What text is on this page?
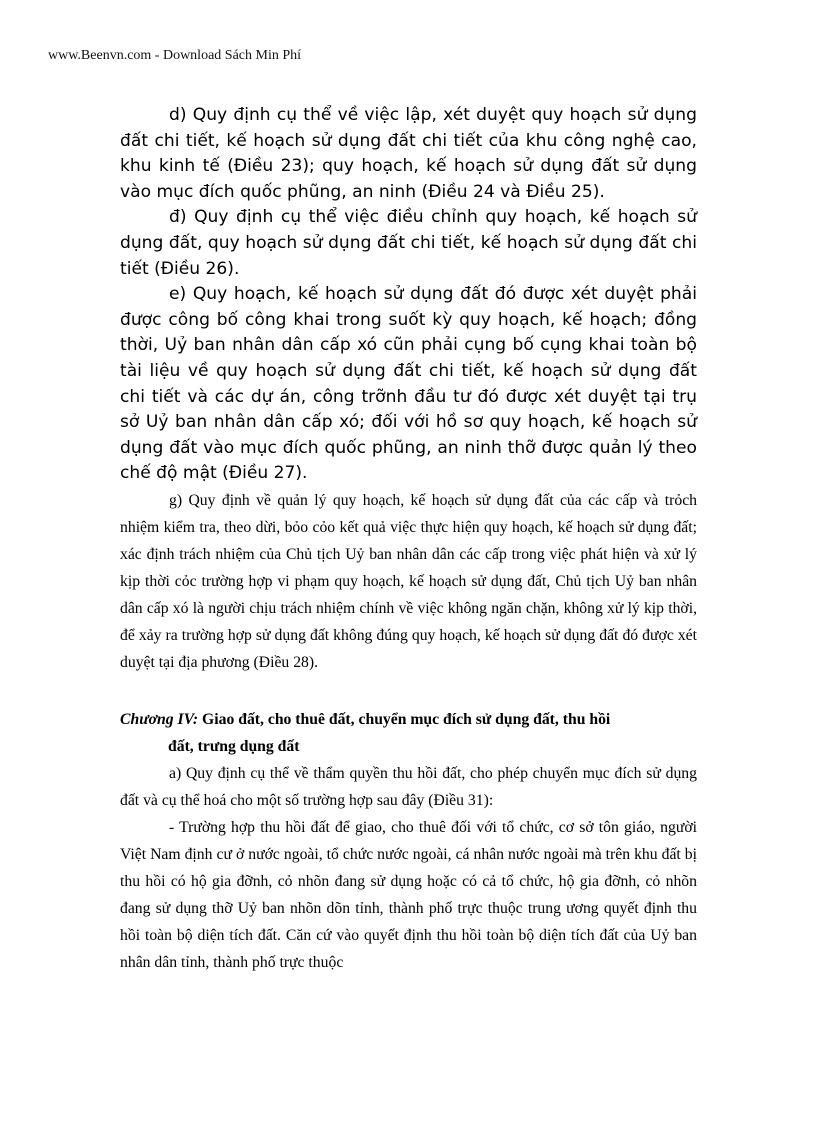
www.Beenvn.com - Download Sách Min Phí

d) Quy định cụ thể về việc lập, xét duyệt quy hoạch sử dụng đất chi tiết, kế hoạch sử dụng đất chi tiết của khu công nghệ cao, khu kinh tế (Điều 23); quy hoạch, kế hoạch sử dụng đất sử dụng vào mục đích quốc phũng, an ninh (Điều 24 và Điều 25).

đ) Quy định cụ thể việc điều chỉnh quy hoạch, kế hoạch sử dụng đất, quy hoạch sử dụng đất chi tiết, kế hoạch sử dụng đất chi tiết (Điều 26).

e) Quy hoạch, kế hoạch sử dụng đất đó được xét duyệt phải được công bố công khai trong suốt kỳ quy hoạch, kế hoạch; đồng thời, Uỷ ban nhân dân cấp xó cũn phải cụng bố cụng khai toàn bộ tài liệu về quy hoạch sử dụng đất chi tiết, kế hoạch sử dụng đất chi tiết và các dự án, công trỡnh đầu tư đó được xét duyệt tại trụ sở Uỷ ban nhân dân cấp xó; đối với hồ sơ quy hoạch, kế hoạch sử dụng đất vào mục đích quốc phũng, an ninh thỡ được quản lý theo chế độ mật (Điều 27).

g) Quy định về quản lý quy hoạch, kế hoạch sử dụng đất của các cấp và trỏch nhiệm kiểm tra, theo dừi, bỏo cỏo kết quả việc thực hiện quy hoạch, kế hoạch sử dụng đất; xác định trách nhiệm của Chủ tịch Uỷ ban nhân dân các cấp trong việc phát hiện và xử lý kịp thời cỏc trường hợp vi phạm quy hoạch, kế hoạch sử dụng đất, Chủ tịch Uỷ ban nhân dân cấp xó là người chịu trách nhiệm chính về việc không ngăn chặn, không xử lý kịp thời, để xảy ra trường hợp sử dụng đất không đúng quy hoạch, kế hoạch sử dụng đất đó được xét duyệt tại địa phương (Điều 28).

Chương IV: Giao đất, cho thuê đất, chuyển mục đích sử dụng đất, thu hồi
đất, trưng dụng đất

a) Quy định cụ thể về thẩm quyền thu hồi đất, cho phép chuyển mục đích sử dụng đất và cụ thể hoá cho một số trường hợp sau đây (Điều 31):

- Trường hợp thu hồi đất để giao, cho thuê đối với tổ chức, cơ sở tôn giáo, người Việt Nam định cư ở nước ngoài, tổ chức nước ngoài, cá nhân nước ngoài mà trên khu đất bị thu hồi có hộ gia đỡnh, cỏ nhõn đang sử dụng hoặc có cả tổ chức, hộ gia đỡnh, cỏ nhõn đang sử dụng thỡ Uỷ ban nhõn dõn tỉnh, thành phố trực thuộc trung ương quyết định thu hồi toàn bộ diện tích đất. Căn cứ vào quyết định thu hồi toàn bộ diện tích đất của Uỷ ban nhân dân tỉnh, thành phố trực thuộc
